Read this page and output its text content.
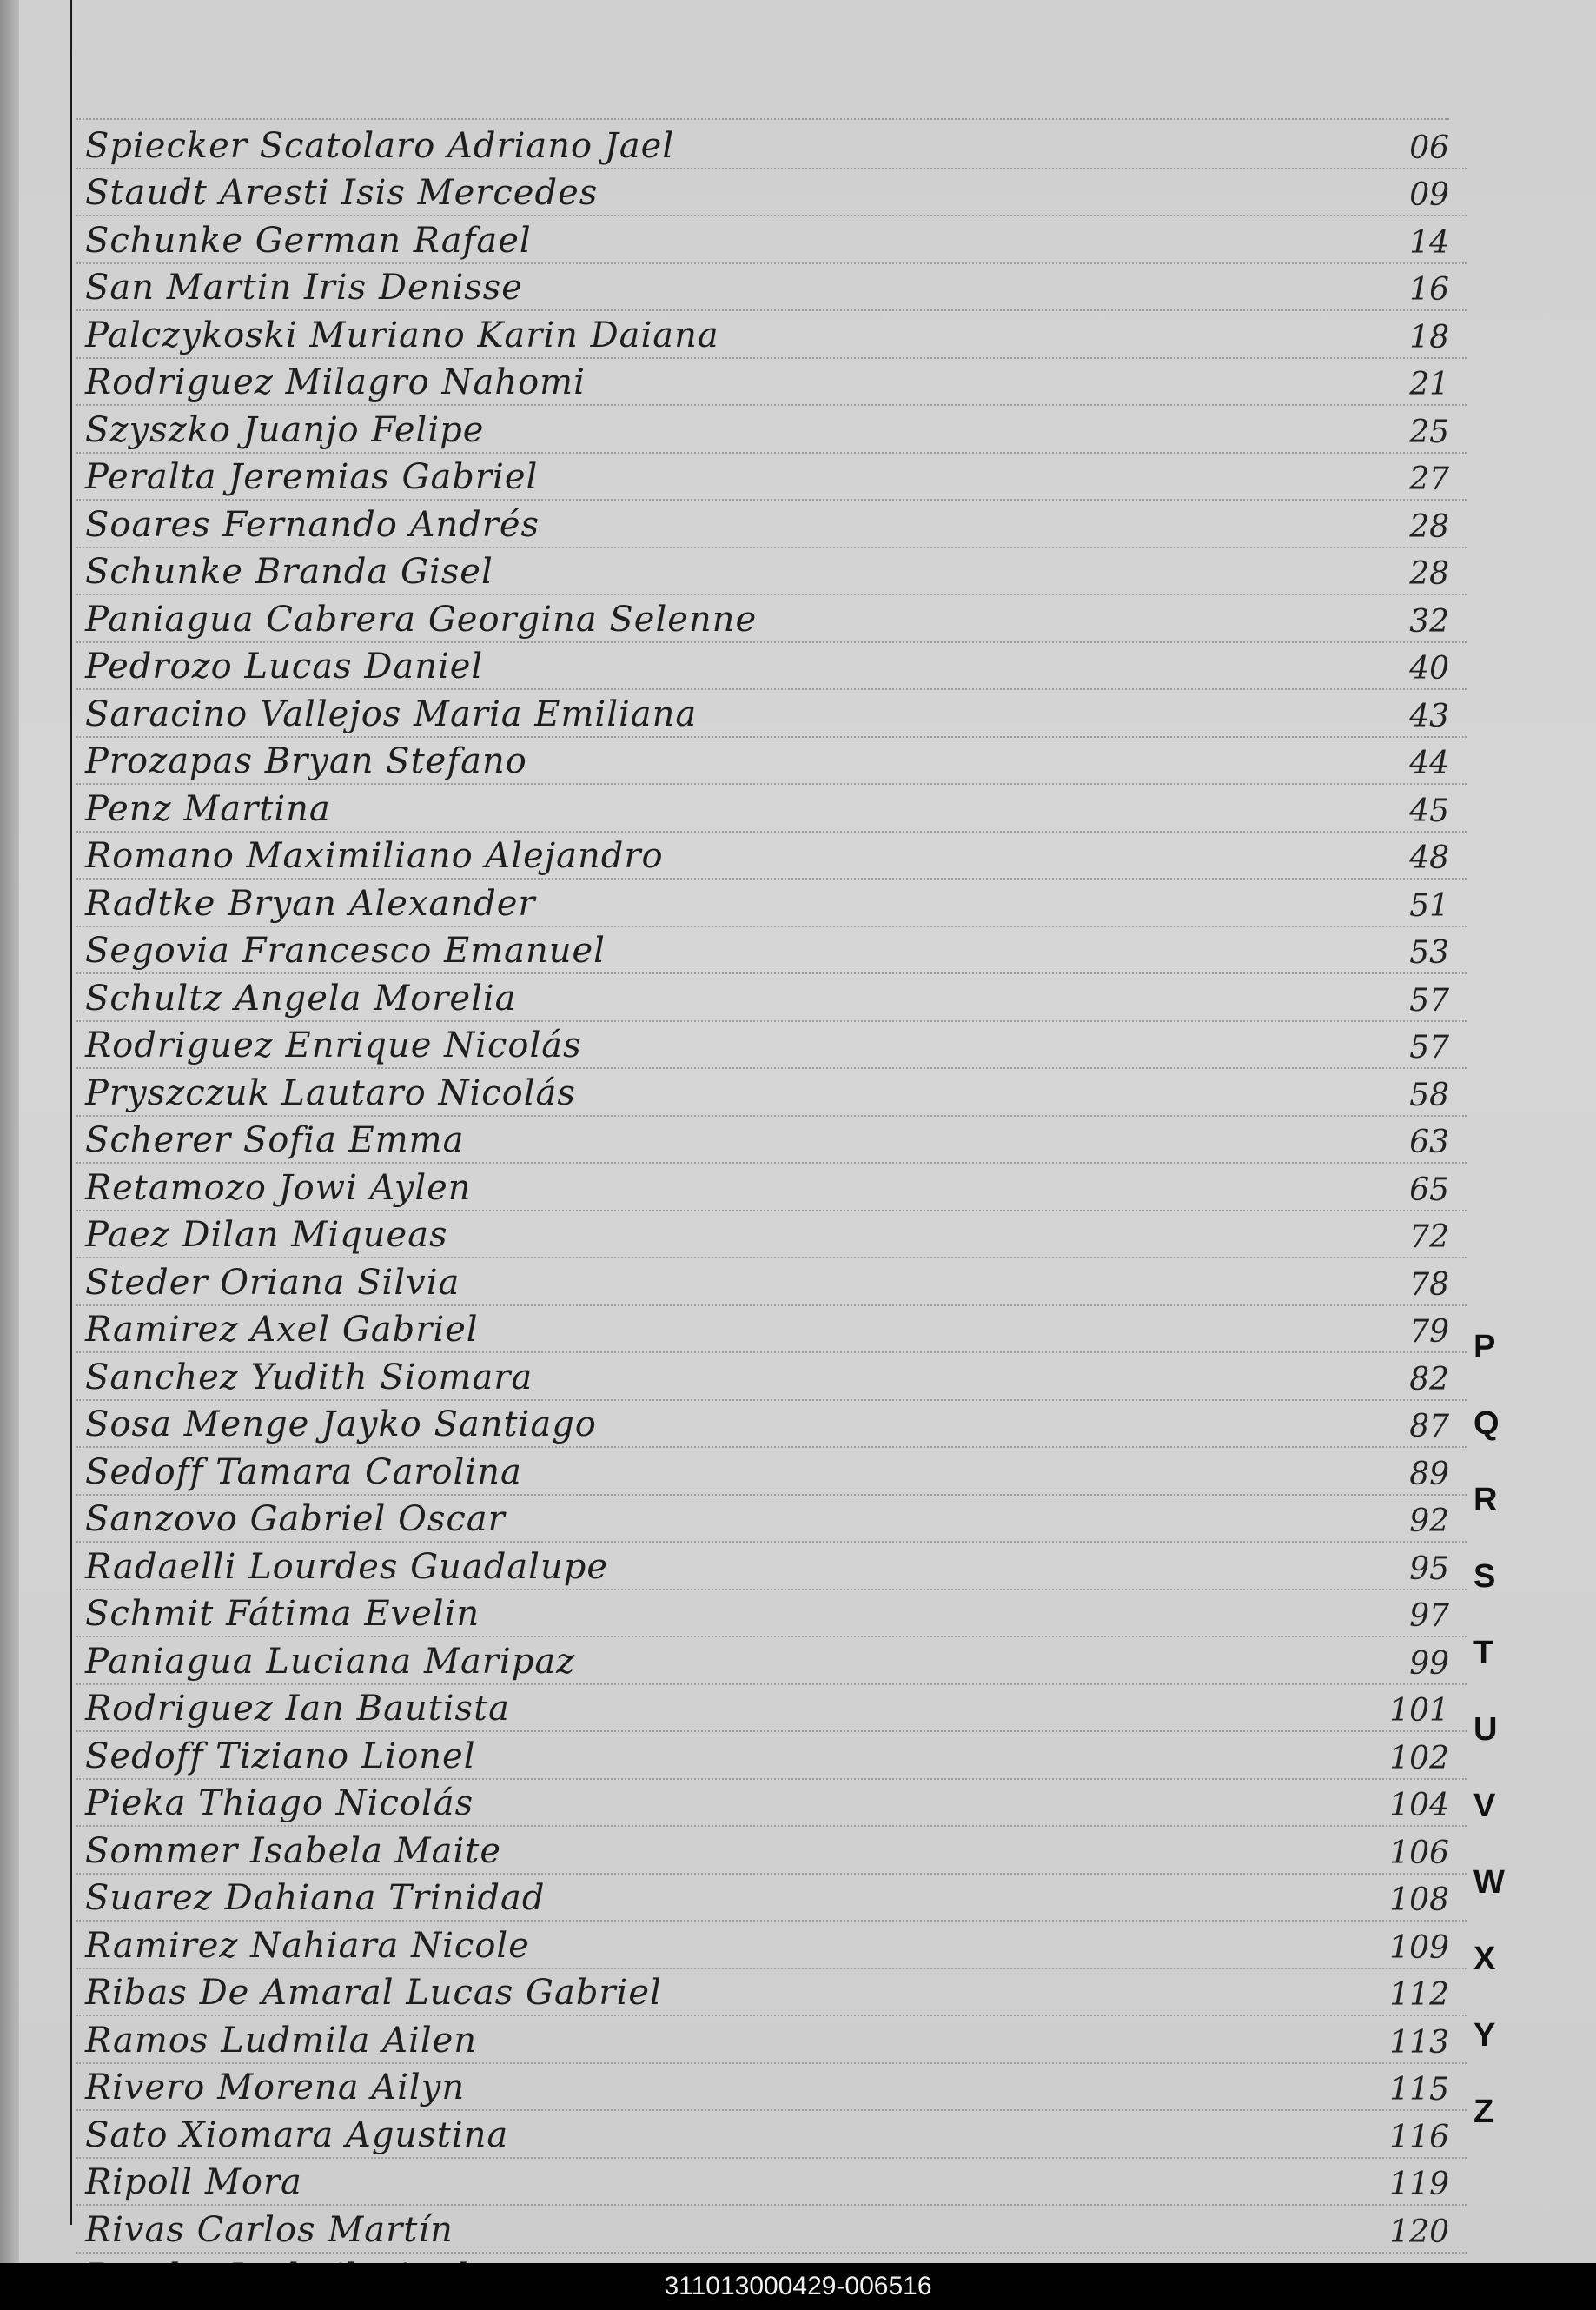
Spiecker Scatolaro Adriano Jael	06
Staudt Aresti Isis Mercedes	09
Schunke German Rafael	14
San Martin Iris Denisse	16
Palczykoski Muriano Karin Daiana	18
Rodriguez Milagro Nahomi	21
Szyszko Juanjo Felipe	25
Peralta Jeremias Gabriel	27
Soares Fernando Andrés	28
Schunke Branda Gisel	28
Paniagua Cabrera Georgina Selenne	32
Pedrozo Lucas Daniel	40
Saracino Vallejos Maria Emiliana	43
Prozapas Bryan Stefano	44
Penz Martina	45
Romano Maximiliano Alejandro	48
Radtke Bryan Alexander	51
Segovia Francesco Emanuel	53
Schultz Angela Morelia	57
Rodriguez Enrique Nicolás	57
Pryszczuk Lautaro Nicolás	58
Scherer Sofia Emma	63
Retamozo Jowi Aylen	65
Paez Dilan Miqueas	72
Steder Oriana Silvia	78
Ramirez Axel Gabriel	79
Sanchez Yudith Siomara	82
Sosa Menge Jayko Santiago	87
Sedoff Tamara Carolina	89
Sanzovo Gabriel Oscar	92
Radaelli Lourdes Guadalupe	95
Schmit Fátima Evelin	97
Paniagua Luciana Maripaz	99
Rodriguez Ian Bautista	101
Sedoff Tiziano Lionel	102
Pieka Thiago Nicolás	104
Sommer Isabela Maite	106
Suarez Dahiana Trinidad	108
Ramirez Nahiara Nicole	109
Ribas De Amaral Lucas Gabriel	112
Ramos Ludmila Ailen	113
Rivero Morena Ailyn	115
Sato Xiomara Agustina	116
Ripoll Mora	119
Rivas Carlos Martín	120
P
Q
R
S
T
U
V
W
X
Y
Z
311013000429-006516
